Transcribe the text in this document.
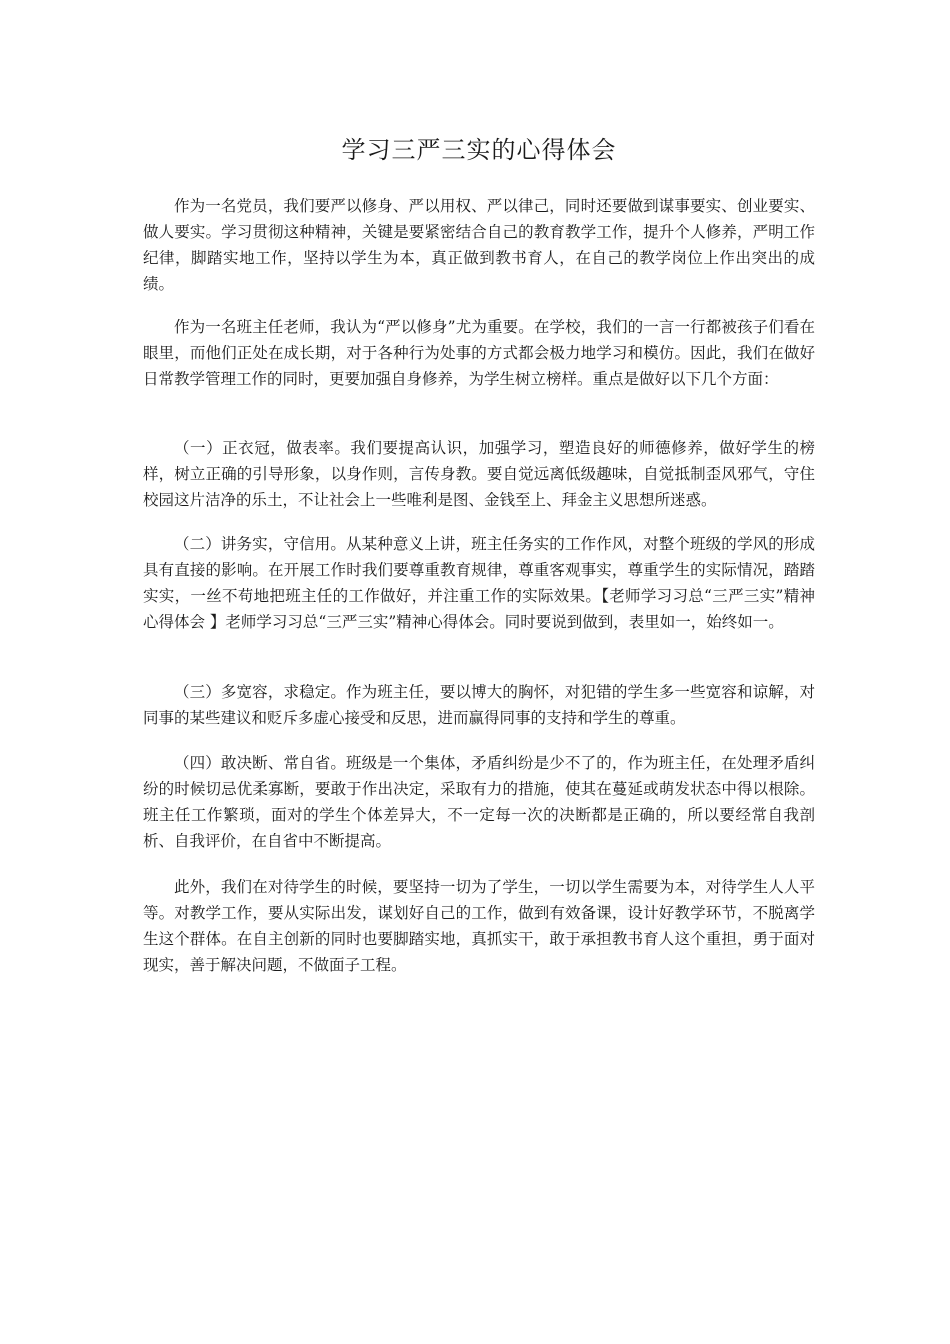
学习三严三实的心得体会

作为一名党员，我们要严以修身、严以用权、严以律己，同时还要做到谋事要实、创业要实、做人要实。学习贯彻这种精神，关键是要紧密结合自己的教育教学工作，提升个人修养，严明工作纪律，脚踏实地工作，坚持以学生为本，真正做到教书育人，在自己的教学岗位上作出突出的成绩。

作为一名班主任老师，我认为“严以修身”尤为重要。在学校，我们的一言一行都被孩子们看在眼里，而他们正处在成长期，对于各种行为处事的方式都会极力地学习和模仿。因此，我们在做好日常教学管理工作的同时，更要加强自身修养，为学生树立榜样。重点是做好以下几个方面：

（一）正衣冠，做表率。我们要提高认识，加强学习，塑造良好的师德修养，做好学生的榜样，树立正确的引导形象，以身作则，言传身教。要自觉远离低级趣味，自觉抵制歪风邪气，守住校园这片洁净的乐土，不让社会上一些唯利是图、金钱至上、拜金主义思想所迷惑。

（二）讲务实，守信用。从某种意义上讲，班主任务实的工作作风，对整个班级的学风的形成具有直接的影响。在开展工作时我们要尊重教育规律，尊重客观事实，尊重学生的实际情况，踏踏实实，一丝不苟地把班主任的工作做好，并注重工作的实际效果。【老师学习习总“三严三实”精神心得体会 】老师学习习总“三严三实”精神心得体会。同时要说到做到，表里如一，始终如一。

（三）多宽容，求稳定。作为班主任，要以博大的胸怀，对犯错的学生多一些宽容和谅解，对同事的某些建议和贬斥多虚心接受和反思，进而赢得同事的支持和学生的尊重。

（四）敢决断、常自省。班级是一个集体，矛盾纠纷是少不了的，作为班主任，在处理矛盾纠纷的时候切忌优柔寡断，要敢于作出决定，采取有力的措施，使其在蔓延或萌发状态中得以根除。班主任工作繁琐，面对的学生个体差异大，不一定每一次的决断都是正确的，所以要经常自我剖析、自我评价，在自省中不断提高。

此外，我们在对待学生的时候，要坚持一切为了学生，一切以学生需要为本，对待学生人人平等。对教学工作，要从实际出发，谋划好自己的工作，做到有效备课，设计好教学环节，不脱离学生这个群体。在自主创新的同时也要脚踏实地，真抓实干，敢于承担教书育人这个重担，勇于面对现实，善于解决问题，不做面子工程。
